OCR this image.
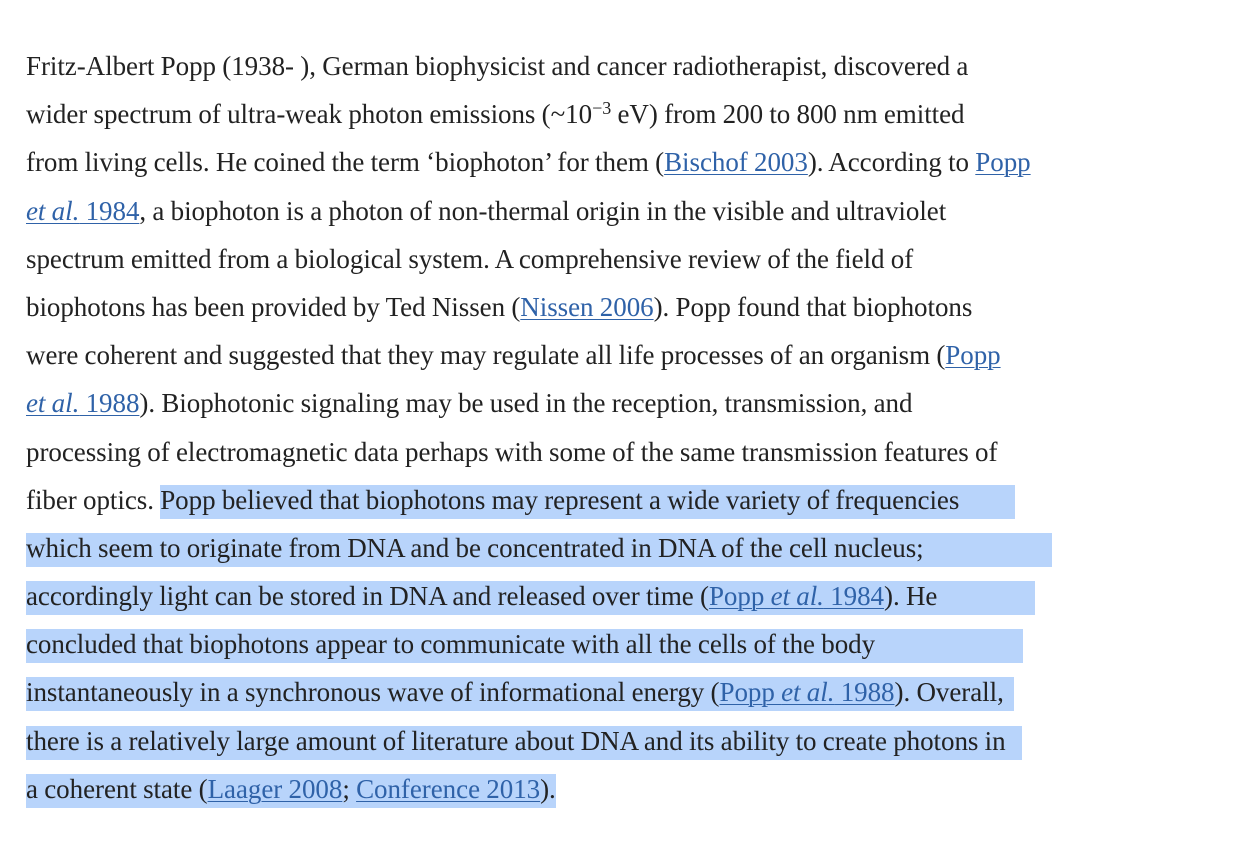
Fritz-Albert Popp (1938- ), German biophysicist and cancer radiotherapist, discovered a
wider spectrum of ultra-weak photon emissions ($\sim 10^{-3}$ eV) from 200 to 800 nm emitted
from living cells. He coined the term ‘biophoton’ for them (Bischof 2003). According to Popp
et al. 1984, a biophoton is a photon of non-thermal origin in the visible and ultraviolet
spectrum emitted from a biological system. A comprehensive review of the field of
biophotons has been provided by Ted Nissen (Nissen 2006). Popp found that biophotons
were coherent and suggested that they may regulate all life processes of an organism (Popp
et al. 1988). Biophotonic signaling may be used in the reception, transmission, and
processing of electromagnetic data perhaps with some of the same transmission features of
fiber optics. Popp believed that biophotons may represent a wide variety of frequencies
which seem to originate from DNA and be concentrated in DNA of the cell nucleus;
accordingly light can be stored in DNA and released over time (Popp et al. 1984). He
concluded that biophotons appear to communicate with all the cells of the body
instantaneously in a synchronous wave of informational energy (Popp et al. 1988). Overall,
there is a relatively large amount of literature about DNA and its ability to create photons in
a coherent state (Laager 2008; Conference 2013).
